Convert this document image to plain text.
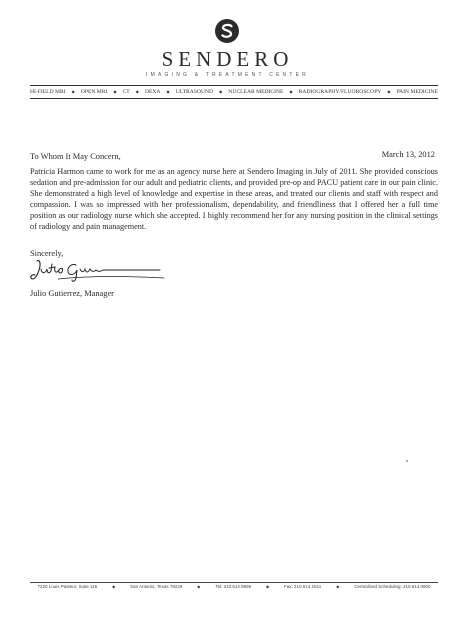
SENDERO
IMAGING & TREATMENT CENTER
HI-FIELD MRI ◆ OPEN MRI ◆ CT ◆ DEXA ◆ ULTRASOUND ◆ NUCLEAR MEDICINE ◆ RADIOGRAPHY/FLUOROSCOPY ◆ PAIN MEDICINE
To Whom It May Concern,	March 13, 2012

Patricia Harmon came to work for me as an agency nurse here at Sendero Imaging in July of 2011. She provided conscious sedation and pre-admission for our adult and pediatric clients, and provided pre-op and PACU patient care in our pain clinic. She demonstrated a high level of knowledge and expertise in these areas, and treated our clients and staff with respect and compassion. I was so impressed with her professionalism, dependability, and friendliness that I offered her a full time position as our radiology nurse which she accepted. I highly recommend her for any nursing position in the clinical settings of radiology and pain management.

Sincerely,
Julio Gutierrez, Manager
7220 Louis Pasteur, Suite 115	◆	San Antonio, Texas 78229	◆	Tel: 210.614.8899	◆	Fax: 210.614.1611	◆	Centralized Scheduling: 210.614.0600
